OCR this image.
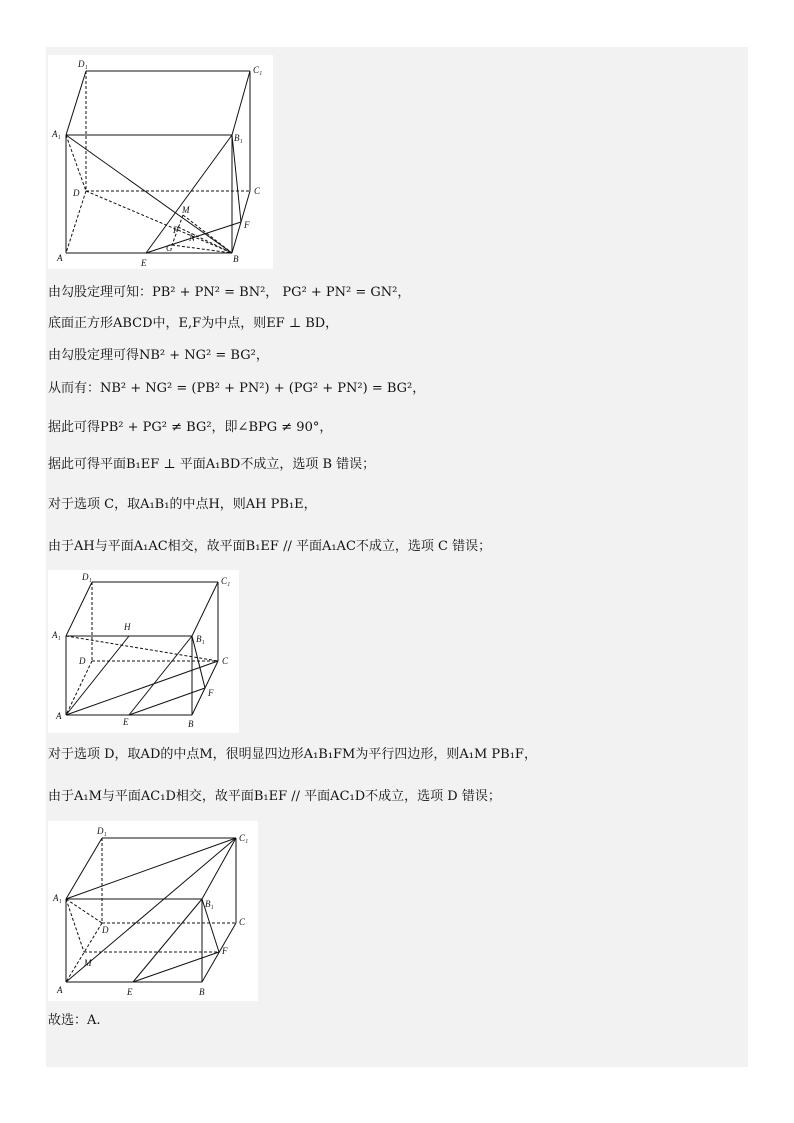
D₁
C₁
A₁	B₁
D	C
M
P
N
G
F
A	E	B
由勾股定理可知：PB² + PN² = BN²， PG² + PN² = GN²，
底面正方形ABCD中，E,F为中点，则EF ⊥ BD，
由勾股定理可得NB² + NG² = BG²，
从而有：NB² + NG² = (PB² + PN²) + (PG² + PN²) = BG²，
据此可得PB² + PG² ≠ BG²，即∠BPG ≠ 90°，
据此可得平面B₁EF ⊥ 平面A₁BD不成立，选项 B 错误；
对于选项 C，取A₁B₁的中点H，则AH PB₁E，
由于AH与平面A₁AC相交，故平面B₁EF // 平面A₁AC不成立，选项 C 错误；
D₁	C₁
A₁
H
B₁
D	C
F
A
E	B
对于选项 D，取AD的中点M，很明显四边形A₁B₁FM为平行四边形，则A₁M PB₁F，
由于A₁M与平面AC₁D相交，故平面B₁EF // 平面AC₁D不成立，选项 D 错误；
D₁
C₁
A₁
B₁
D
C
F
M
A	E	B
故选：A.
